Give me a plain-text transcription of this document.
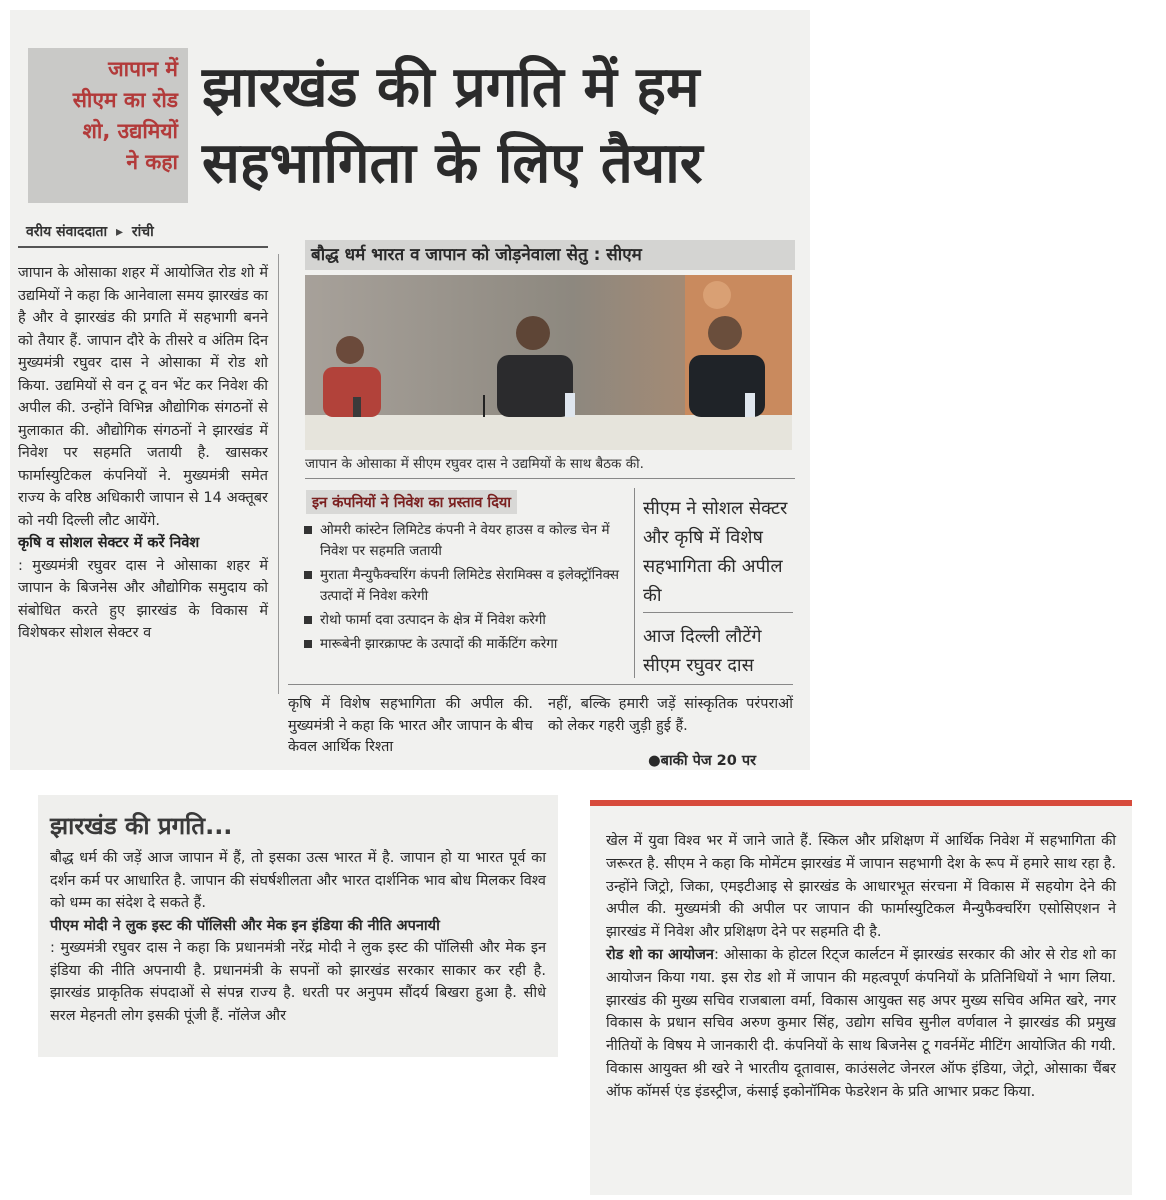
जापान में
सीएम का रोड
शो, उद्यमियों
ने कहा
झारखंड की प्रगति में हम
सहभागिता के लिए तैयार
वरीय संवाददाता ▸ रांची
जापान के ओसाका शहर में आयोजित रोड शो में उद्यमियों ने कहा कि आनेवाला समय झारखंड का है और वे झारखंड की प्रगति में सहभागी बनने को तैयार हैं. जापान दौरे के तीसरे व अंतिम दिन मुख्यमंत्री रघुवर दास ने ओसाका में रोड शो किया. उद्यमियों से वन टू वन भेंट कर निवेश की अपील की. उन्होंने विभिन्न औद्योगिक संगठनों से मुलाकात की. औद्योगिक संगठनों ने झारखंड में निवेश पर सहमति जतायी है. खासकर फार्मास्युटिकल कंपनियों ने. मुख्यमंत्री समेत राज्य के वरिष्ठ अधिकारी जापान से 14 अक्तूबर को नयी दिल्ली लौट आयेंगे.
कृषि व सोशल सेक्टर में करें निवेश
: मुख्यमंत्री रघुवर दास ने ओसाका शहर में जापान के बिजनेस और औद्योगिक समुदाय को संबोधित करते हुए झारखंड के विकास में विशेषकर सोशल सेक्टर व
बौद्ध धर्म भारत व जापान को जोड़नेवाला सेतु : सीएम
जापान के ओसाका में सीएम रघुवर दास ने उद्यमियों के साथ बैठक की.
इन कंपनियों ने निवेश का प्रस्ताव दिया
ओमरी कांस्टेन लिमिटेड कंपनी ने वेयर हाउस व कोल्ड चेन में निवेश पर सहमति जतायी
मुराता मैन्युफैक्चरिंग कंपनी लिमिटेड सेरामिक्स व इलेक्ट्रॉनिक्स उत्पादों में निवेश करेगी
रोथो फार्मा दवा उत्पादन के क्षेत्र में निवेश करेगी
मारूबेनी झारक्राफ्ट के उत्पादों की मार्केटिंग करेगा
सीएम ने सोशल सेक्टर और कृषि में विशेष सहभागिता की अपील की
आज दिल्ली लौटेंगे सीएम रघुवर दास
कृषि में विशेष सहभागिता की अपील की. मुख्यमंत्री ने कहा कि भारत और जापान के बीच केवल आर्थिक रिश्ता
नहीं, बल्कि हमारी जड़ें सांस्कृतिक परंपराओं को लेकर गहरी जुड़ी हुई हैं.
●बाकी पेज 20 पर
झारखंड की प्रगति...
बौद्ध धर्म की जड़ें आज जापान में हैं, तो इसका उत्स भारत में है. जापान हो या भारत पूर्व का दर्शन कर्म पर आधारित है. जापान की संघर्षशीलता और भारत दार्शनिक भाव बोध मिलकर विश्व को धम्म का संदेश दे सकते हैं.
पीएम मोदी ने लुक इस्ट की पॉलिसी और मेक इन इंडिया की नीति अपनायी
: मुख्यमंत्री रघुवर दास ने कहा कि प्रधानमंत्री नरेंद्र मोदी ने लुक इस्ट की पॉलिसी और मेक इन इंडिया की नीति अपनायी है. प्रधानमंत्री के सपनों को झारखंड सरकार साकार कर रही है. झारखंड प्राकृतिक संपदाओं से संपन्न राज्य है. धरती पर अनुपम सौंदर्य बिखरा हुआ है. सीधे सरल मेहनती लोग इसकी पूंजी हैं. नॉलेज और
खेल में युवा विश्व भर में जाने जाते हैं. स्किल और प्रशिक्षण में आर्थिक निवेश में सहभागिता की जरूरत है. सीएम ने कहा कि मोमेंटम झारखंड में जापान सहभागी देश के रूप में हमारे साथ रहा है. उन्होंने जिट्रो, जिका, एमइटीआइ से झारखंड के आधारभूत संरचना में विकास में सहयोग देने की अपील की. मुख्यमंत्री की अपील पर जापान की फार्मास्युटिकल मैन्युफैक्चरिंग एसोसिएशन ने झारखंड में निवेश और प्रशिक्षण देने पर सहमति दी है.
रोड शो का आयोजन: ओसाका के होटल रिट्ज कार्लटन में झारखंड सरकार की ओर से रोड शो का आयोजन किया गया. इस रोड शो में जापान की महत्वपूर्ण कंपनियों के प्रतिनिधियों ने भाग लिया. झारखंड की मुख्य सचिव राजबाला वर्मा, विकास आयुक्त सह अपर मुख्य सचिव अमित खरे, नगर विकास के प्रधान सचिव अरुण कुमार सिंह, उद्योग सचिव सुनील वर्णवाल ने झारखंड की प्रमुख नीतियों के विषय मे जानकारी दी. कंपनियों के साथ बिजनेस टू गवर्नमेंट मीटिंग आयोजित की गयी. विकास आयुक्त श्री खरे ने भारतीय दूतावास, काउंसलेट जेनरल ऑफ इंडिया, जेट्रो, ओसाका चैंबर ऑफ कॉमर्स एंड इंडस्ट्रीज, कंसाई इकोनॉमिक फेडरेशन के प्रति आभार प्रकट किया.
